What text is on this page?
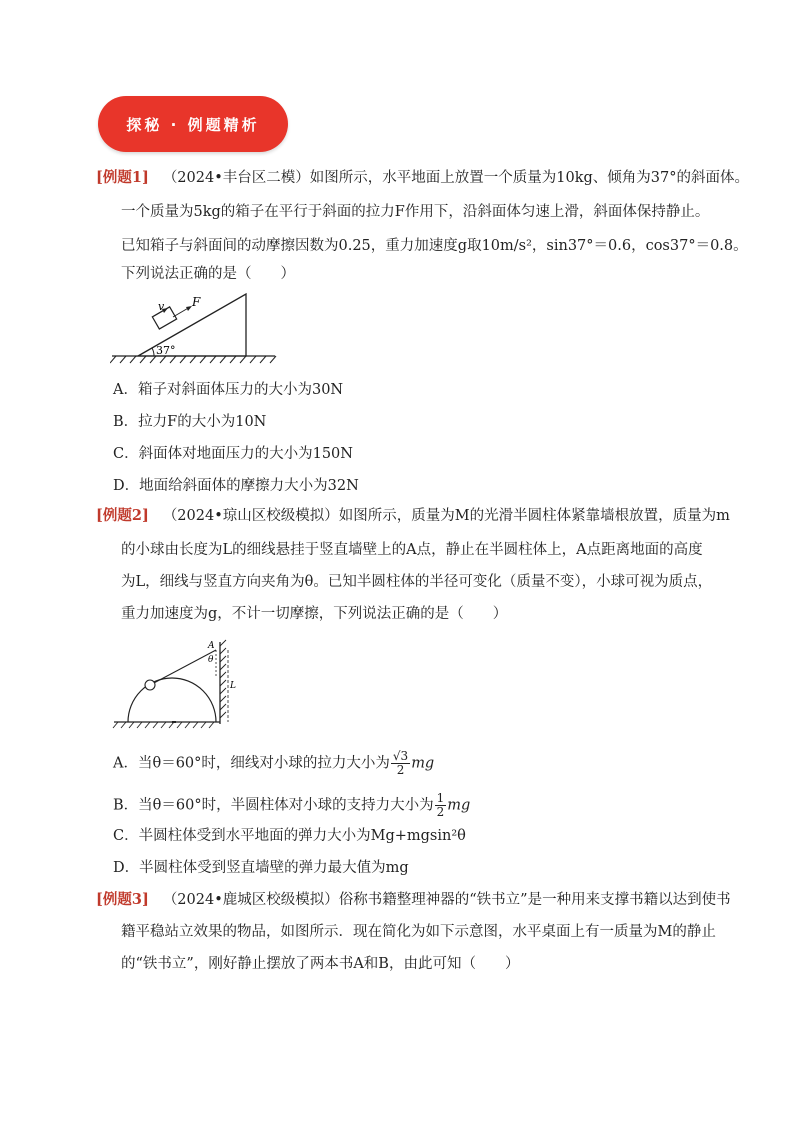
探秘 · 例题精析
[例题1] （2024•丰台区二模）如图所示，水平地面上放置一个质量为10kg、倾角为37°的斜面体。
一个质量为5kg的箱子在平行于斜面的拉力F作用下，沿斜面体匀速上滑，斜面体保持静止。
已知箱子与斜面间的动摩擦因数为0.25，重力加速度g取10m/s²，sin37°＝0.6，cos37°＝0.8。
下列说法正确的是（　　）
v F
37°
A．箱子对斜面体压力的大小为30N
B．拉力F的大小为10N
C．斜面体对地面压力的大小为150N
D．地面给斜面体的摩擦力大小为32N
[例题2] （2024•琼山区校级模拟）如图所示，质量为M的光滑半圆柱体紧靠墙根放置，质量为m
的小球由长度为L的细线悬挂于竖直墙壁上的A点，静止在半圆柱体上，A点距离地面的高度
为L，细线与竖直方向夹角为θ。已知半圆柱体的半径可变化（质量不变），小球可视为质点，
重力加速度为g，不计一切摩擦，下列说法正确的是（　　）
A
θ
L
A．当θ＝60°时，细线对小球的拉力大小为 $\frac{√3}{2}$ mg
B．当θ＝60°时，半圆柱体对小球的支持力大小为 $\frac{1}{2}$ mg
C．半圆柱体受到水平地面的弹力大小为Mg+mgsin²θ
D．半圆柱体受到竖直墙壁的弹力最大值为mg
[例题3] （2024•鹿城区校级模拟）俗称书籍整理神器的“铁书立”是一种用来支撑书籍以达到使书
籍平稳站立效果的物品，如图所示．现在简化为如下示意图，水平桌面上有一质量为M的静止
的“铁书立”，刚好静止摆放了两本书A和B，由此可知（　　）
